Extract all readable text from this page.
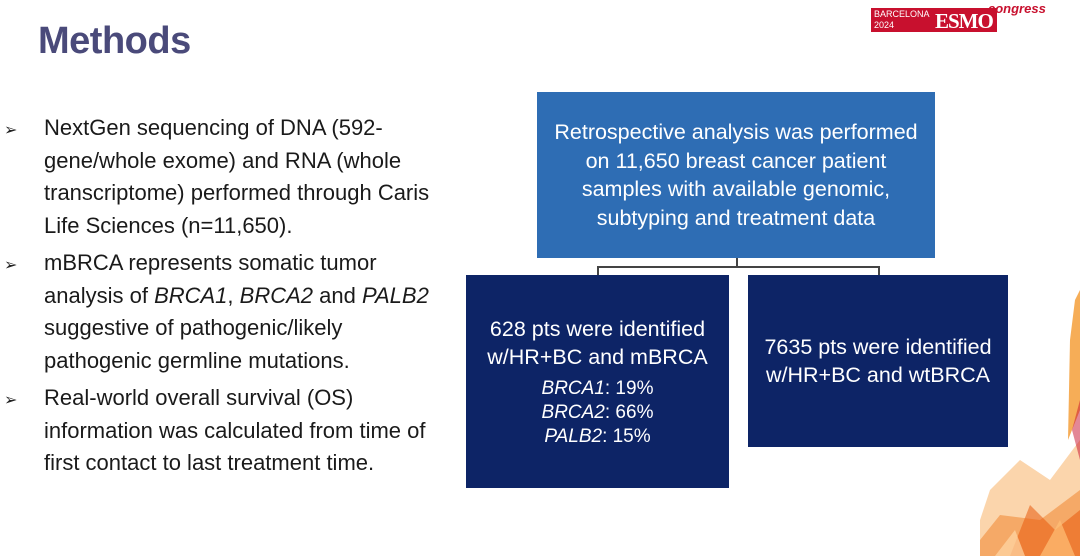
Methods
BARCELONA
2024	ESMO
congress
➢ NextGen sequencing of DNA (592-gene/whole exome) and RNA (whole transcriptome) performed through Caris Life Sciences (n=11,650).
➢ mBRCA represents somatic tumor analysis of BRCA1, BRCA2 and PALB2 suggestive of pathogenic/likely pathogenic germline mutations.
➢ Real-world overall survival (OS) information was calculated from time of first contact to last treatment time.
Retrospective analysis was performed on 11,650 breast cancer patient samples with available genomic, subtyping and treatment data
628 pts were identified w/HR+BC and mBRCA
BRCA1: 19%
BRCA2: 66%
PALB2: 15%
7635 pts were identified w/HR+BC and wtBRCA
